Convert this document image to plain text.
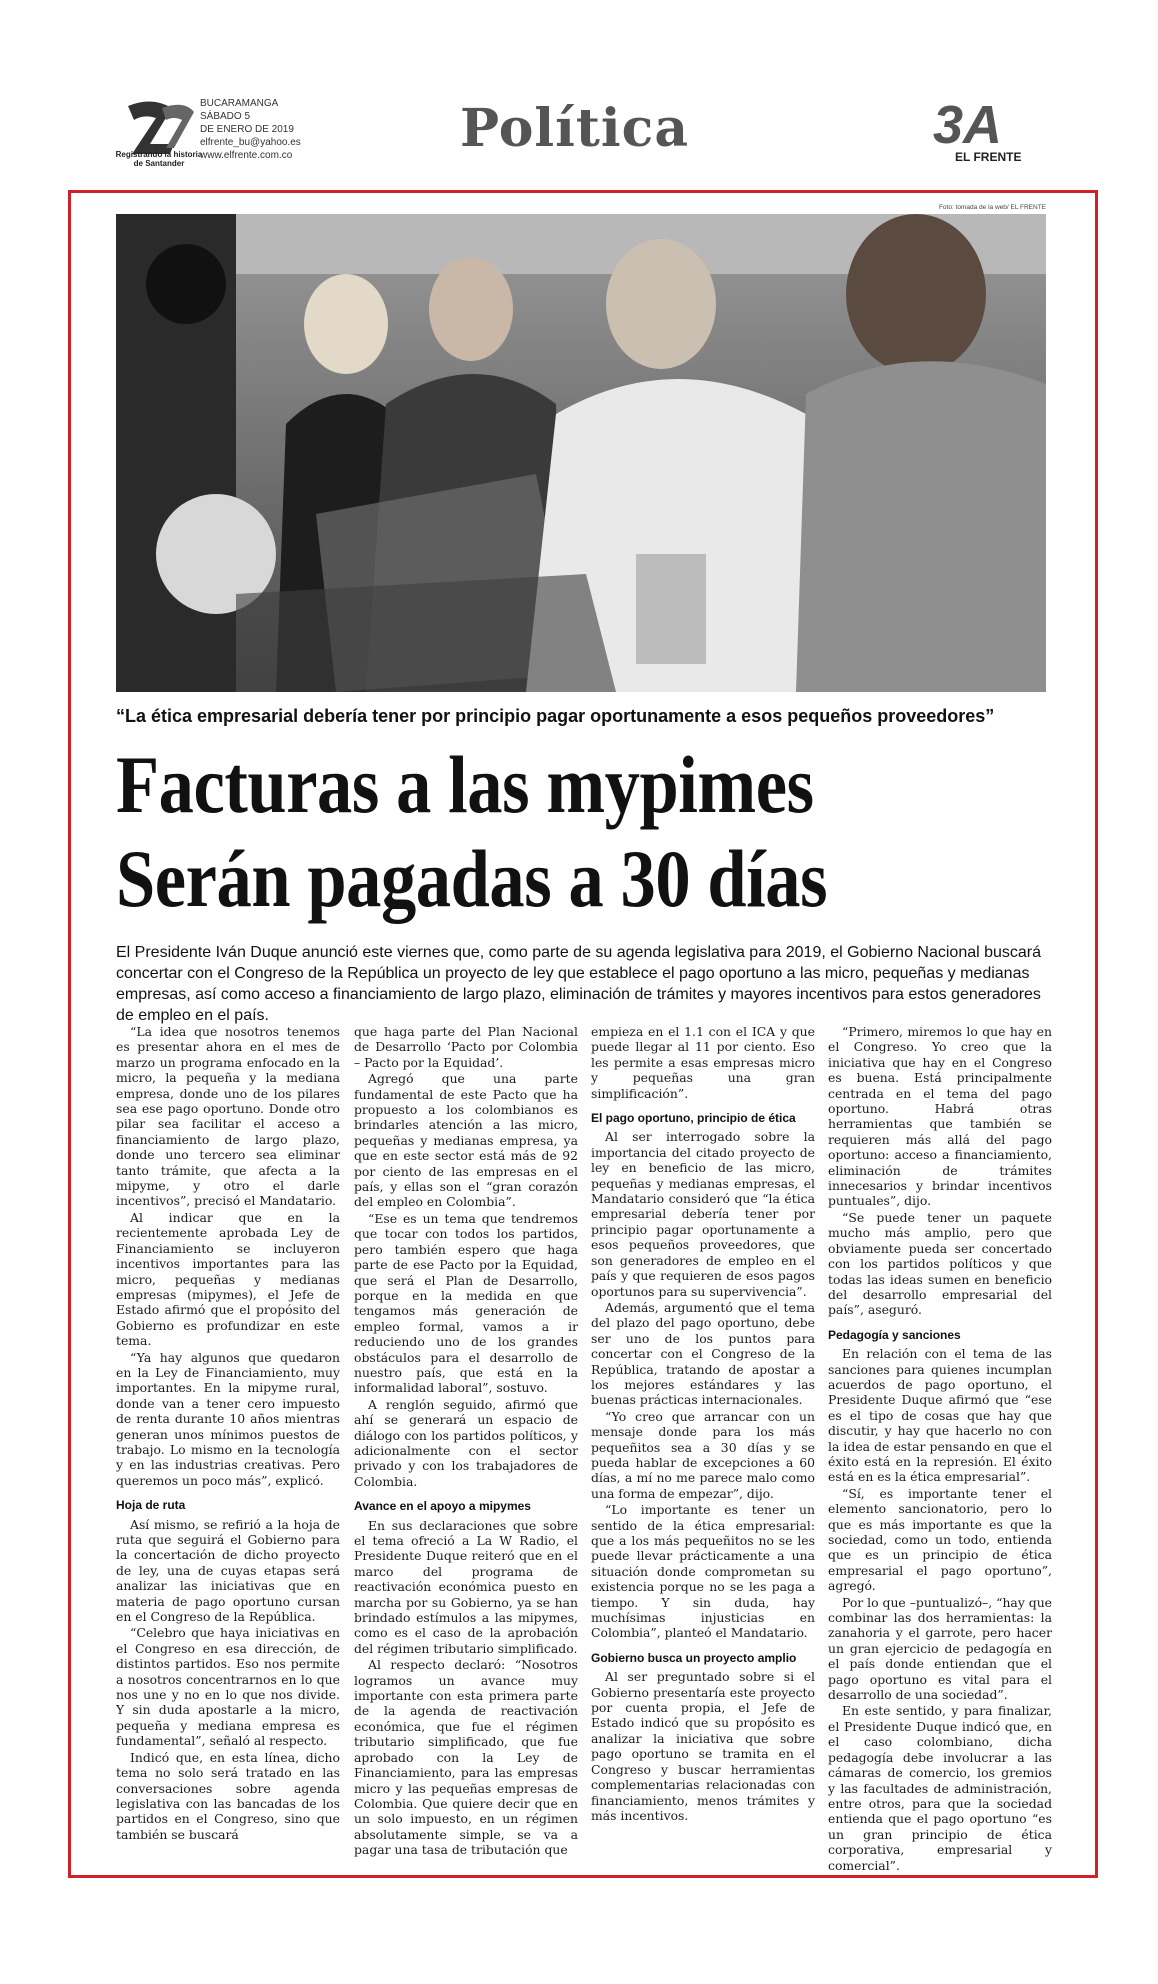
Registrando la historia de Santander
BUCARAMANGA
SÁBADO 5
DE ENERO DE 2019
elfrente_bu@yahoo.es
www.elfrente.com.co	Política	3A
EL FRENTE
Foto: tomada de la web/ EL FRENTE
“La ética empresarial debería tener por principio pagar oportunamente a esos pequeños proveedores”
Facturas a las mypimes
Serán pagadas a 30 días
El Presidente Iván Duque anunció este viernes que, como parte de su agenda legislativa para 2019, el Gobierno Nacional buscará concertar con el Congreso de la República un proyecto de ley que establece el pago oportuno a las micro, pequeñas y medianas empresas, así como acceso a financiamiento de largo plazo, eliminación de trámites y mayores incentivos para estos generadores de empleo en el país.

“La idea que nosotros tenemos es presentar ahora en el mes de marzo un programa enfocado en la micro, la pequeña y la mediana empresa, donde uno de los pilares sea ese pago oportuno. Donde otro pilar sea facilitar el acceso a financiamiento de largo plazo, donde uno tercero sea eliminar tanto trámite, que afecta a la mipyme, y otro el darle incentivos”, precisó el Mandatario.

Al indicar que en la recientemente aprobada Ley de Financiamiento se incluyeron incentivos importantes para las micro, pequeñas y medianas empresas (mipymes), el Jefe de Estado afirmó que el propósito del Gobierno es profundizar en este tema.

“Ya hay algunos que quedaron en la Ley de Financiamiento, muy importantes. En la mipyme rural, donde van a tener cero impuesto de renta durante 10 años mientras generan unos mínimos puestos de trabajo. Lo mismo en la tecnología y en las industrias creativas. Pero queremos un poco más”, explicó.

Hoja de ruta

Así mismo, se refirió a la hoja de ruta que seguirá el Gobierno para la concertación de dicho proyecto de ley, una de cuyas etapas será analizar las iniciativas que en materia de pago oportuno cursan en el Congreso de la República.

“Celebro que haya iniciativas en el Congreso en esa dirección, de distintos partidos. Eso nos permite a nosotros concentrarnos en lo que nos une y no en lo que nos divide. Y sin duda apostarle a la micro, pequeña y mediana empresa es fundamental”, señaló al respecto.

Indicó que, en esta línea, dicho tema no solo será tratado en las conversaciones sobre agenda legislativa con las bancadas de los partidos en el Congreso, sino que también se buscará

que haga parte del Plan Nacional de Desarrollo ‘Pacto por Colombia – Pacto por la Equidad’.

Agregó que una parte fundamental de este Pacto que ha propuesto a los colombianos es brindarles atención a las micro, pequeñas y medianas empresa, ya que en este sector está más de 92 por ciento de las empresas en el país, y ellas son el “gran corazón del empleo en Colombia”.

“Ese es un tema que tendremos que tocar con todos los partidos, pero también espero que haga parte de ese Pacto por la Equidad, que será el Plan de Desarrollo, porque en la medida en que tengamos más generación de empleo formal, vamos a ir reduciendo uno de los grandes obstáculos para el desarrollo de nuestro país, que está en la informalidad laboral”, sostuvo.

A renglón seguido, afirmó que ahí se generará un espacio de diálogo con los partidos políticos, y adicionalmente con el sector privado y con los trabajadores de Colombia.

Avance en el apoyo a mipymes

En sus declaraciones que sobre el tema ofreció a La W Radio, el Presidente Duque reiteró que en el marco del programa de reactivación económica puesto en marcha por su Gobierno, ya se han brindado estímulos a las mipymes, como es el caso de la aprobación del régimen tributario simplificado.

Al respecto declaró: “Nosotros logramos un avance muy importante con esta primera parte de la agenda de reactivación económica, que fue el régimen tributario simplificado, que fue aprobado con la Ley de Financiamiento, para las empresas micro y las pequeñas empresas de Colombia. Que quiere decir que en un solo impuesto, en un régimen absolutamente simple, se va a pagar una tasa de tributación que

empieza en el 1.1 con el ICA y que puede llegar al 11 por ciento. Eso les permite a esas empresas micro y pequeñas una gran simplificación”.

El pago oportuno, principio de ética

Al ser interrogado sobre la importancia del citado proyecto de ley en beneficio de las micro, pequeñas y medianas empresas, el Mandatario consideró que “la ética empresarial debería tener por principio pagar oportunamente a esos pequeños proveedores, que son generadores de empleo en el país y que requieren de esos pagos oportunos para su supervivencia”.

Además, argumentó que el tema del plazo del pago oportuno, debe ser uno de los puntos para concertar con el Congreso de la República, tratando de apostar a los mejores estándares y las buenas prácticas internacionales.

“Yo creo que arrancar con un mensaje donde para los más pequeñitos sea a 30 días y se pueda hablar de excepciones a 60 días, a mí no me parece malo como una forma de empezar”, dijo.

“Lo importante es tener un sentido de la ética empresarial: que a los más pequeñitos no se les puede llevar prácticamente a una situación donde comprometan su existencia porque no se les paga a tiempo. Y sin duda, hay muchísimas injusticias en Colombia”, planteó el Mandatario.

Gobierno busca un proyecto amplio

Al ser preguntado sobre si el Gobierno presentaría este proyecto por cuenta propia, el Jefe de Estado indicó que su propósito es analizar la iniciativa que sobre pago oportuno se tramita en el Congreso y buscar herramientas complementarias relacionadas con financiamiento, menos trámites y más incentivos.

“Primero, miremos lo que hay en el Congreso. Yo creo que la iniciativa que hay en el Congreso es buena. Está principalmente centrada en el tema del pago oportuno. Habrá otras herramientas que también se requieren más allá del pago oportuno: acceso a financiamiento, eliminación de trámites innecesarios y brindar incentivos puntuales”, dijo.

“Se puede tener un paquete mucho más amplio, pero que obviamente pueda ser concertado con los partidos políticos y que todas las ideas sumen en beneficio del desarrollo empresarial del país”, aseguró.

Pedagogía y sanciones

En relación con el tema de las sanciones para quienes incumplan acuerdos de pago oportuno, el Presidente Duque afirmó que “ese es el tipo de cosas que hay que discutir, y hay que hacerlo no con la idea de estar pensando en que el éxito está en la represión. El éxito está en es la ética empresarial”.

“Sí, es importante tener el elemento sancionatorio, pero lo que es más importante es que la sociedad, como un todo, entienda que es un principio de ética empresarial el pago oportuno”, agregó.

Por lo que –puntualizó–, “hay que combinar las dos herramientas: la zanahoria y el garrote, pero hacer un gran ejercicio de pedagogía en el país donde entiendan que el pago oportuno es vital para el desarrollo de una sociedad”.

En este sentido, y para finalizar, el Presidente Duque indicó que, en el caso colombiano, dicha pedagogía debe involucrar a las cámaras de comercio, los gremios y las facultades de administración, entre otros, para que la sociedad entienda que el pago oportuno “es un gran principio de ética corporativa, empresarial y comercial”.
